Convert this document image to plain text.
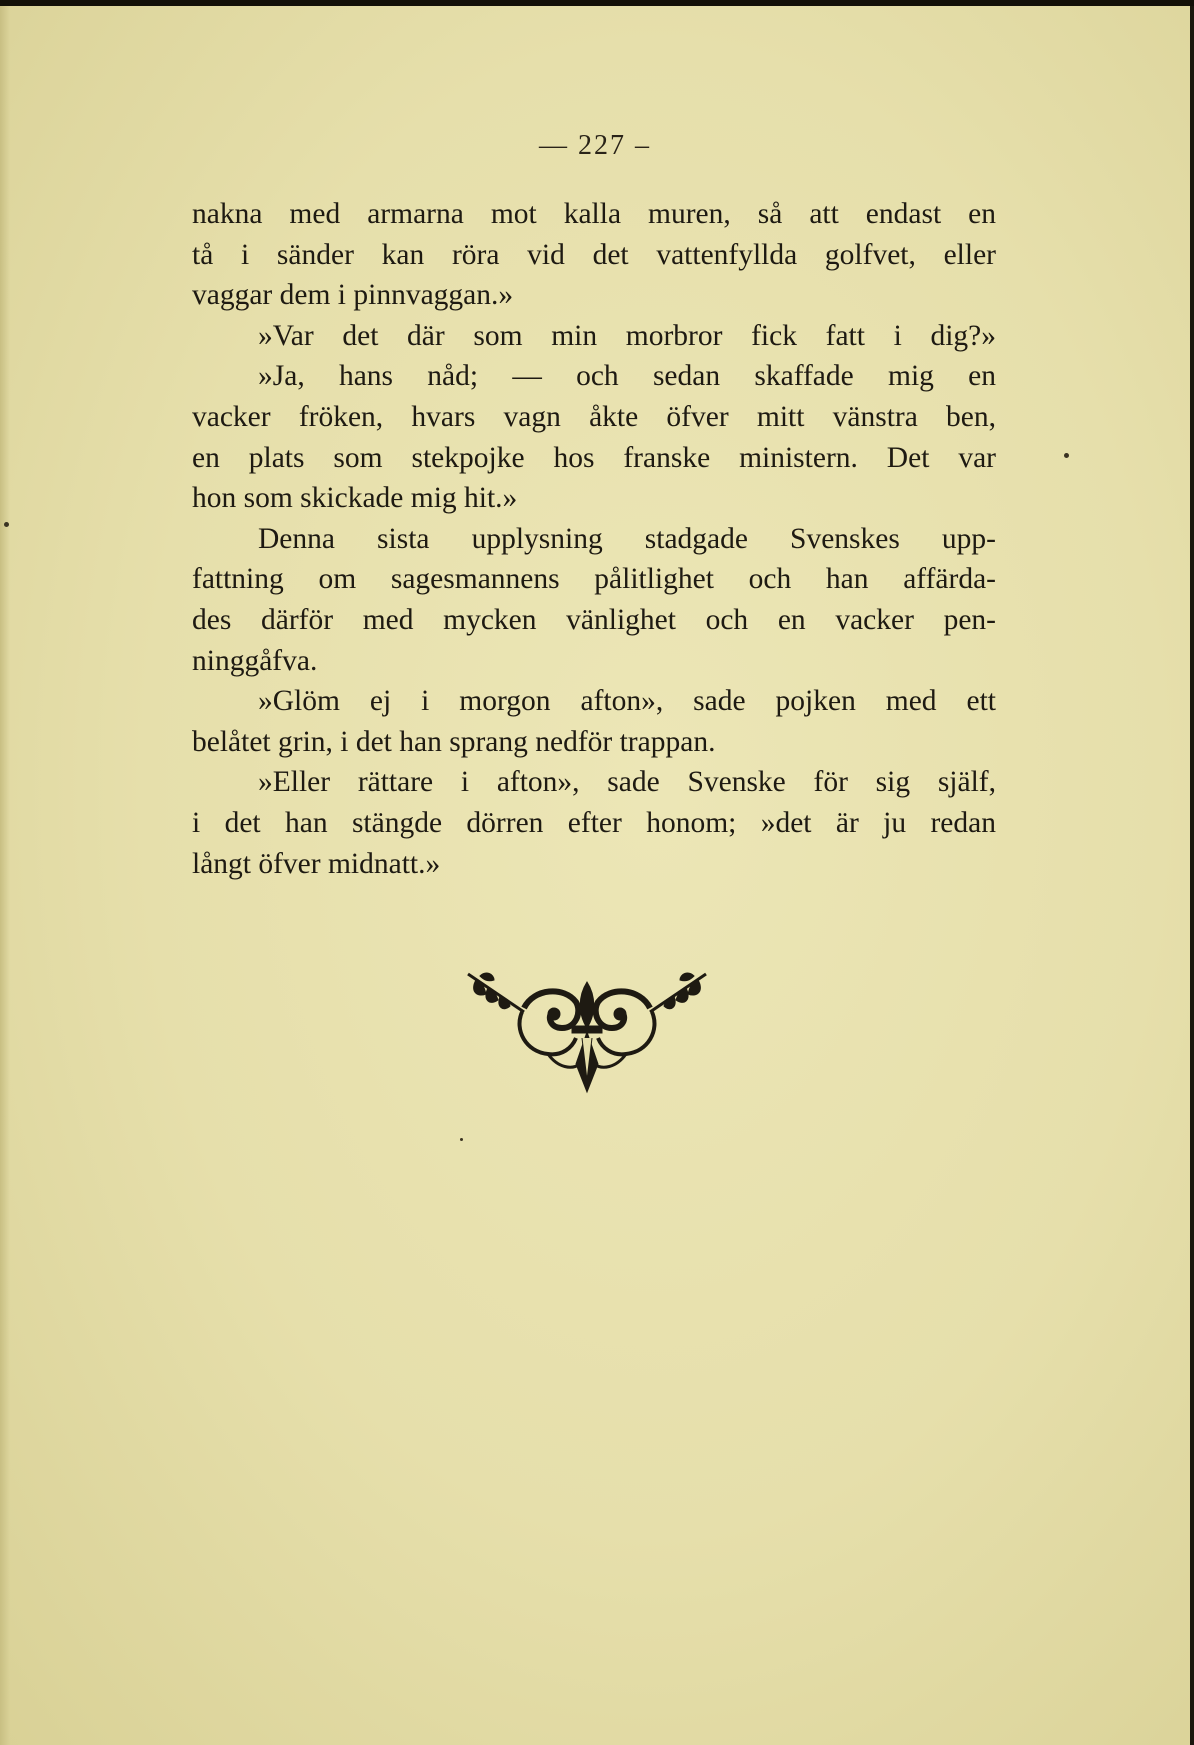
— 227 –
nakna med armarna mot kalla muren, så att endast en
tå i sänder kan röra vid det vattenfyllda golfvet, eller
vaggar dem i pinnvaggan.»
»Var det där som min morbror fick fatt i dig?»
»Ja, hans nåd; — och sedan skaffade mig en
vacker fröken, hvars vagn åkte öfver mitt vänstra ben,
en plats som stekpojke hos franske ministern. Det var
hon som skickade mig hit.»
Denna sista upplysning stadgade Svenskes upp-
fattning om sagesmannens pålitlighet och han affärda-
des därför med mycken vänlighet och en vacker pen-
ninggåfva.
»Glöm ej i morgon afton», sade pojken med ett
belåtet grin, i det han sprang nedför trappan.
»Eller rättare i afton», sade Svenske för sig själf,
i det han stängde dörren efter honom; »det är ju redan
långt öfver midnatt.»
